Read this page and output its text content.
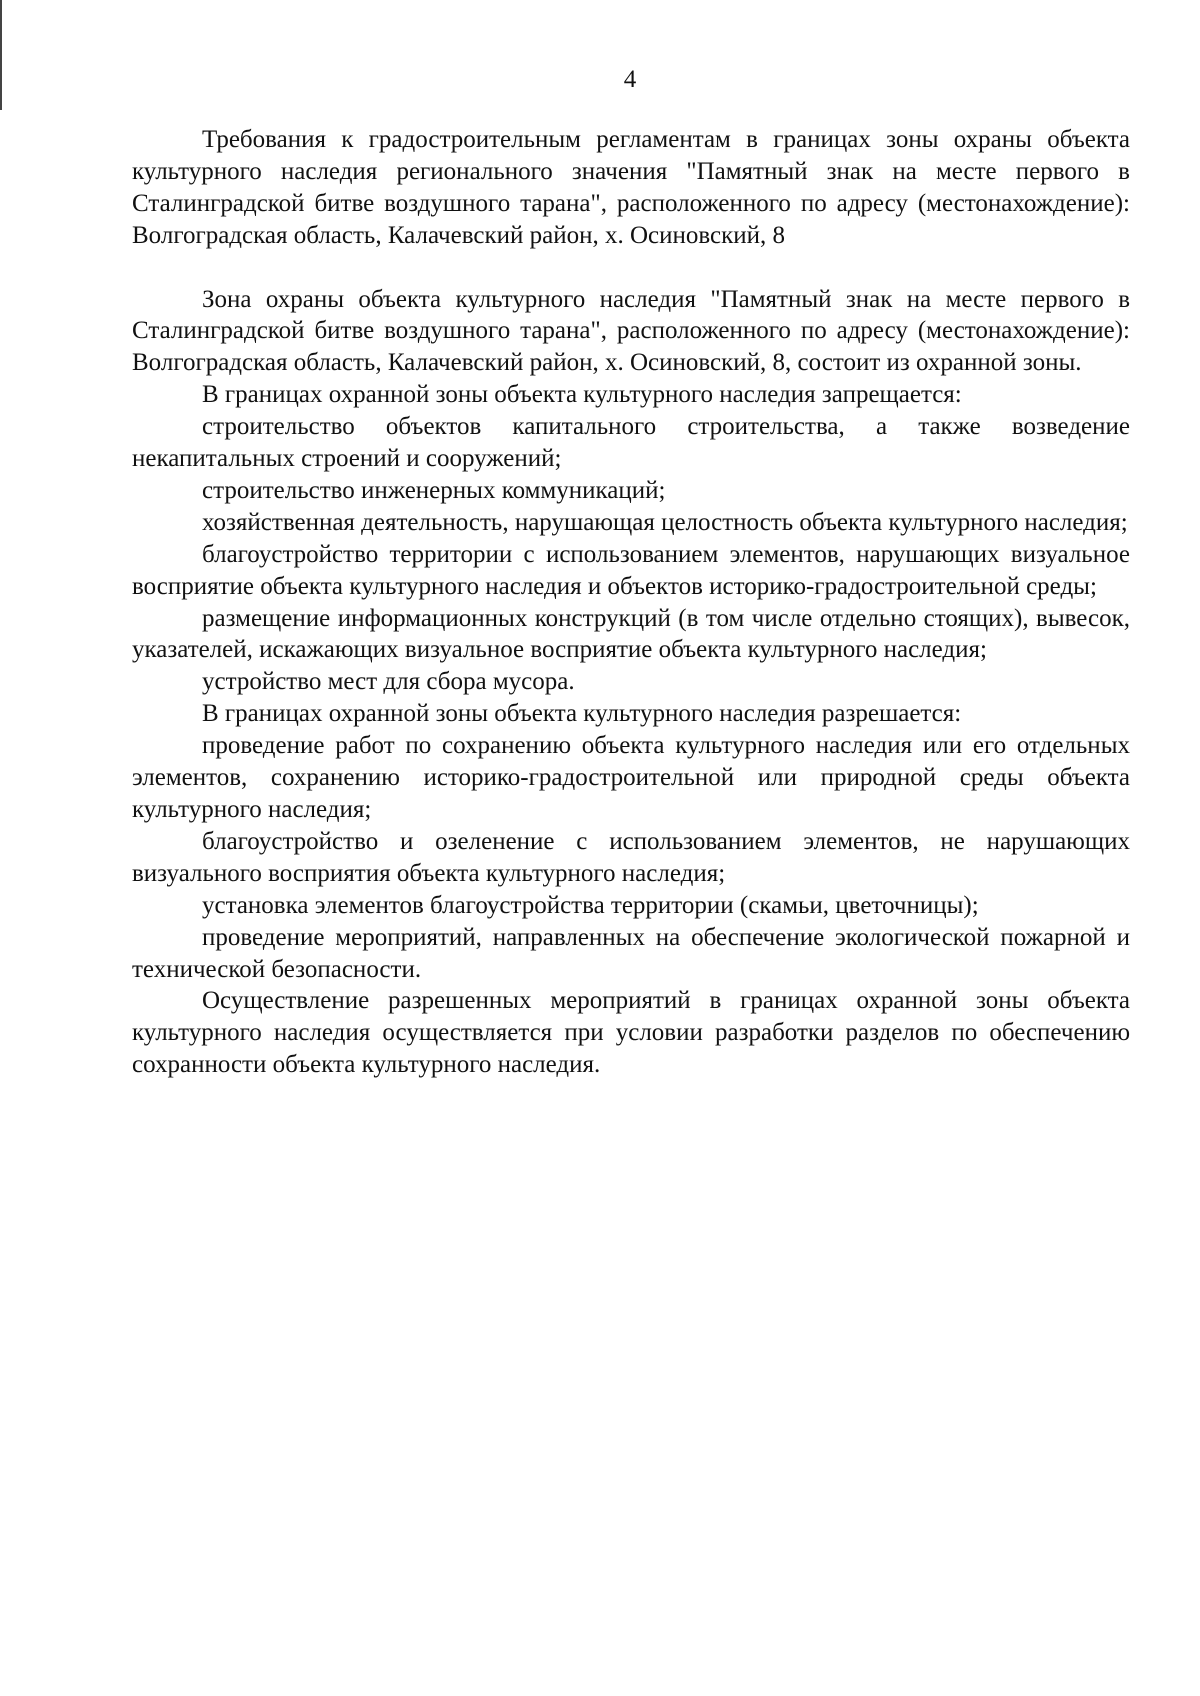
4

Требования к градостроительным регламентам в границах зоны охраны объекта культурного наследия регионального значения "Памятный знак на месте первого в Сталинградской битве воздушного тарана", расположенного по адресу (местонахождение): Волгоградская область, Калачевский район, х. Осиновский, 8

Зона охраны объекта культурного наследия "Памятный знак на месте первого в Сталинградской битве воздушного тарана", расположенного по адресу (местонахождение): Волгоградская область, Калачевский район, х. Осиновский, 8, состоит из охранной зоны.

В границах охранной зоны объекта культурного наследия запрещается:

строительство объектов капитального строительства, а также возведение некапитальных строений и сооружений;

строительство инженерных коммуникаций;

хозяйственная деятельность, нарушающая целостность объекта культурного наследия;

благоустройство территории с использованием элементов, нарушающих визуальное восприятие объекта культурного наследия и объектов историко-градостроительной среды;

размещение информационных конструкций (в том числе отдельно стоящих), вывесок, указателей, искажающих визуальное восприятие объекта культурного наследия;

устройство мест для сбора мусора.

В границах охранной зоны объекта культурного наследия разрешается:

проведение работ по сохранению объекта культурного наследия или его отдельных элементов, сохранению историко-градостроительной или природной среды объекта культурного наследия;

благоустройство и озеленение с использованием элементов, не нарушающих визуального восприятия объекта культурного наследия;

установка элементов благоустройства территории (скамьи, цветочницы);

проведение мероприятий, направленных на обеспечение экологической пожарной и технической безопасности.

Осуществление разрешенных мероприятий в границах охранной зоны объекта культурного наследия осуществляется при условии разработки разделов по обеспечению сохранности объекта культурного наследия.
